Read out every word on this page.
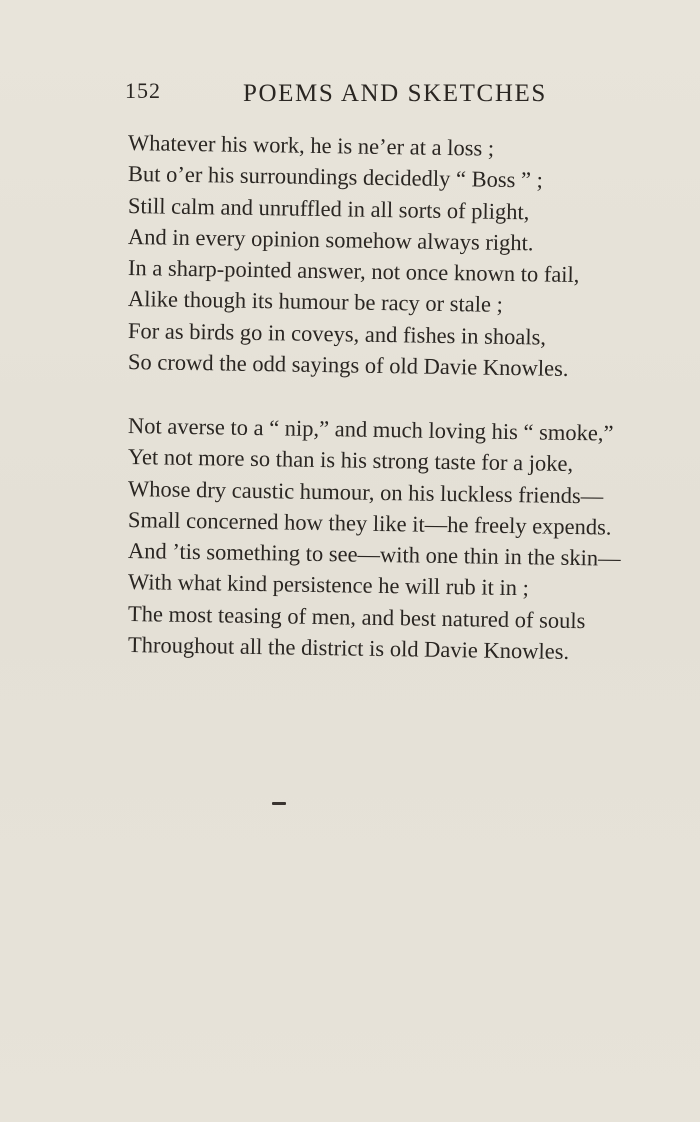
152	POEMS AND SKETCHES
Whatever his work, he is ne’er at a loss ;
But o’er his surroundings decidedly “ Boss ” ;
Still calm and unruffled in all sorts of plight,
And in every opinion somehow always right.
In a sharp-pointed answer, not once known to fail,
Alike though its humour be racy or stale ;
For as birds go in coveys, and fishes in shoals,
So crowd the odd sayings of old Davie Knowles.
Not averse to a “ nip,” and much loving his “ smoke,”
Yet not more so than is his strong taste for a joke,
Whose dry caustic humour, on his luckless friends—
Small concerned how they like it—he freely expends.
And ’tis something to see—with one thin in the skin—
With what kind persistence he will rub it in ;
The most teasing of men, and best natured of souls
Throughout all the district is old Davie Knowles.
